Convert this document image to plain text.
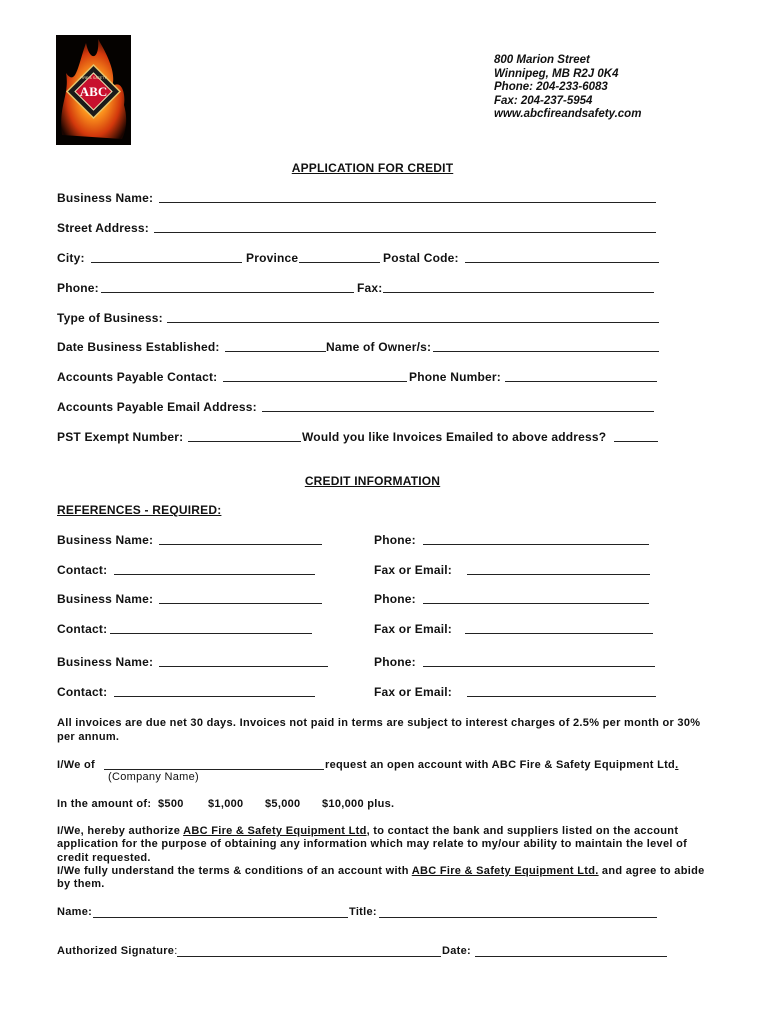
ABC
FIRE & SAFETY
800 Marion Street
Winnipeg, MB R2J 0K4
Phone: 204-233-6083
Fax: 204-237-5954
www.abcfireandsafety.com
APPLICATION FOR CREDIT
Business Name:
Street Address:
City:	Province	Postal Code:
Phone:	Fax:
Type of Business:
Date Business Established:	Name of Owner/s:
Accounts Payable Contact:	Phone Number:
Accounts Payable Email Address:
PST Exempt Number:	Would you like Invoices Emailed to above address?
CREDIT INFORMATION
REFERENCES - REQUIRED:
Business Name:	Phone:
Contact:	Fax or Email:
Business Name:	Phone:
Contact:	Fax or Email:
Business Name:	Phone:
Contact:	Fax or Email:
All invoices are due net 30 days. Invoices not paid in terms are subject to interest charges of 2.5% per month or 30%
per annum.
I/We of	request an open account with ABC Fire & Safety Equipment Ltd.
(Company Name)
In the amount of: $500 $1,000 $5,000 $10,000 plus.
I/We, hereby authorize ABC Fire & Safety Equipment Ltd, to contact the bank and suppliers listed on the account
application for the purpose of obtaining any information which may relate to my/our ability to maintain the level of
credit requested.
I/We fully understand the terms & conditions of an account with ABC Fire & Safety Equipment Ltd. and agree to abide
by them.
Name:	Title:
Authorized Signature:	Date:
